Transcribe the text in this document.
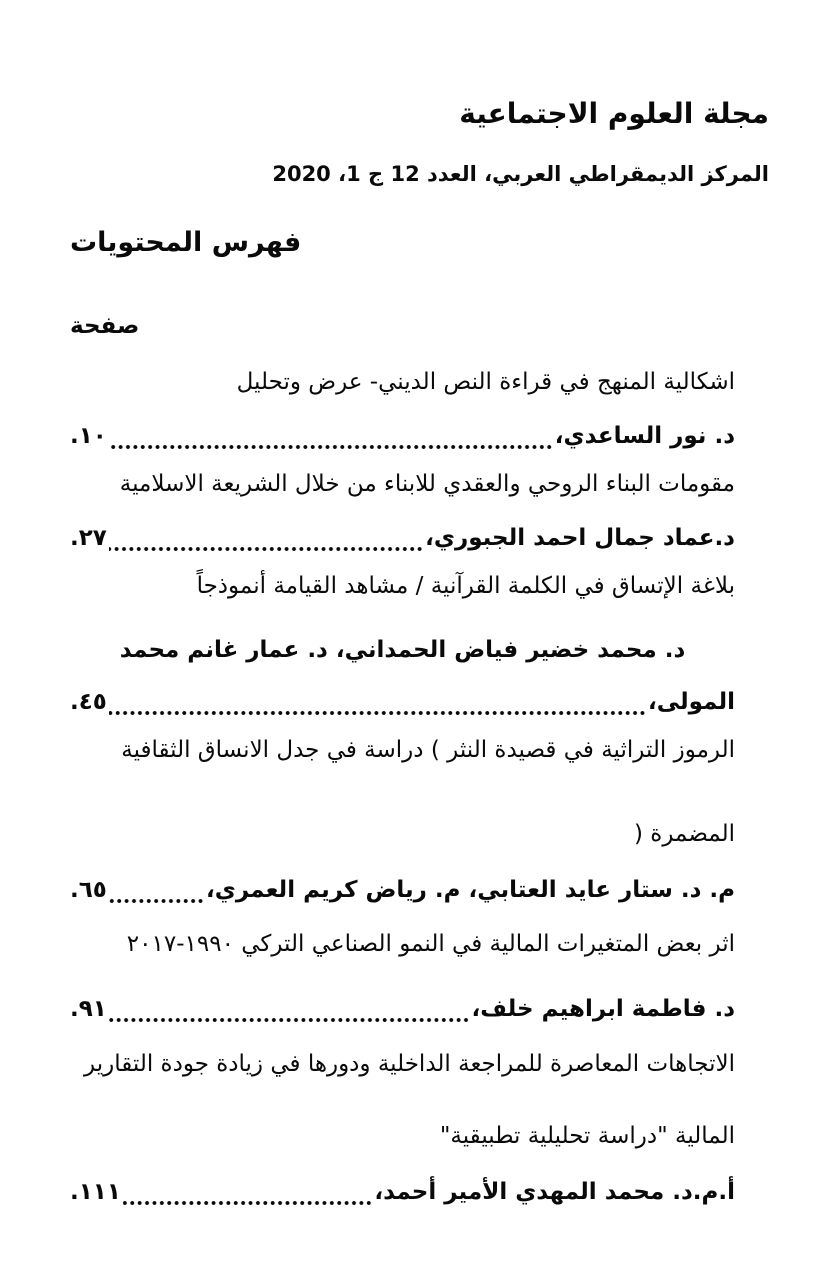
مجلة العلوم الاجتماعية
المركز الديمقراطي العربي، العدد 12 ج 1، 2020
فهرس المحتويات
صفحة
اشكالية المنهج في قراءة النص الديني- عرض وتحليل
د. نور الساعدي،
١٠.
مقومات البناء الروحي والعقدي للابناء من خلال الشريعة الاسلامية
د.عماد جمال احمد الجبوري،
٢٧.
بلاغة الإتساق في الكلمة القرآنية / مشاهد القيامة أنموذجاً
د. محمد خضير فياض الحمداني، د. عمار غانم محمد
المولى،
٤٥.
الرموز التراثية في قصيدة النثر ‎(‎ دراسة في جدل الانساق الثقافية
المضمرة ‎)‎
م. د. ستار عايد العتابي، م. رياض كريم العمري،
٦٥.
اثر بعض المتغيرات المالية في النمو الصناعي التركي ١٩٩٠-٢٠١٧
د. فاطمة ابراهيم خلف،
٩١.
الاتجاهات المعاصرة للمراجعة الداخلية ودورها في زيادة جودة التقارير
المالية "دراسة تحليلية تطبيقية"
أ.م.د. محمد المهدي الأمير أحمد،
١١١.
